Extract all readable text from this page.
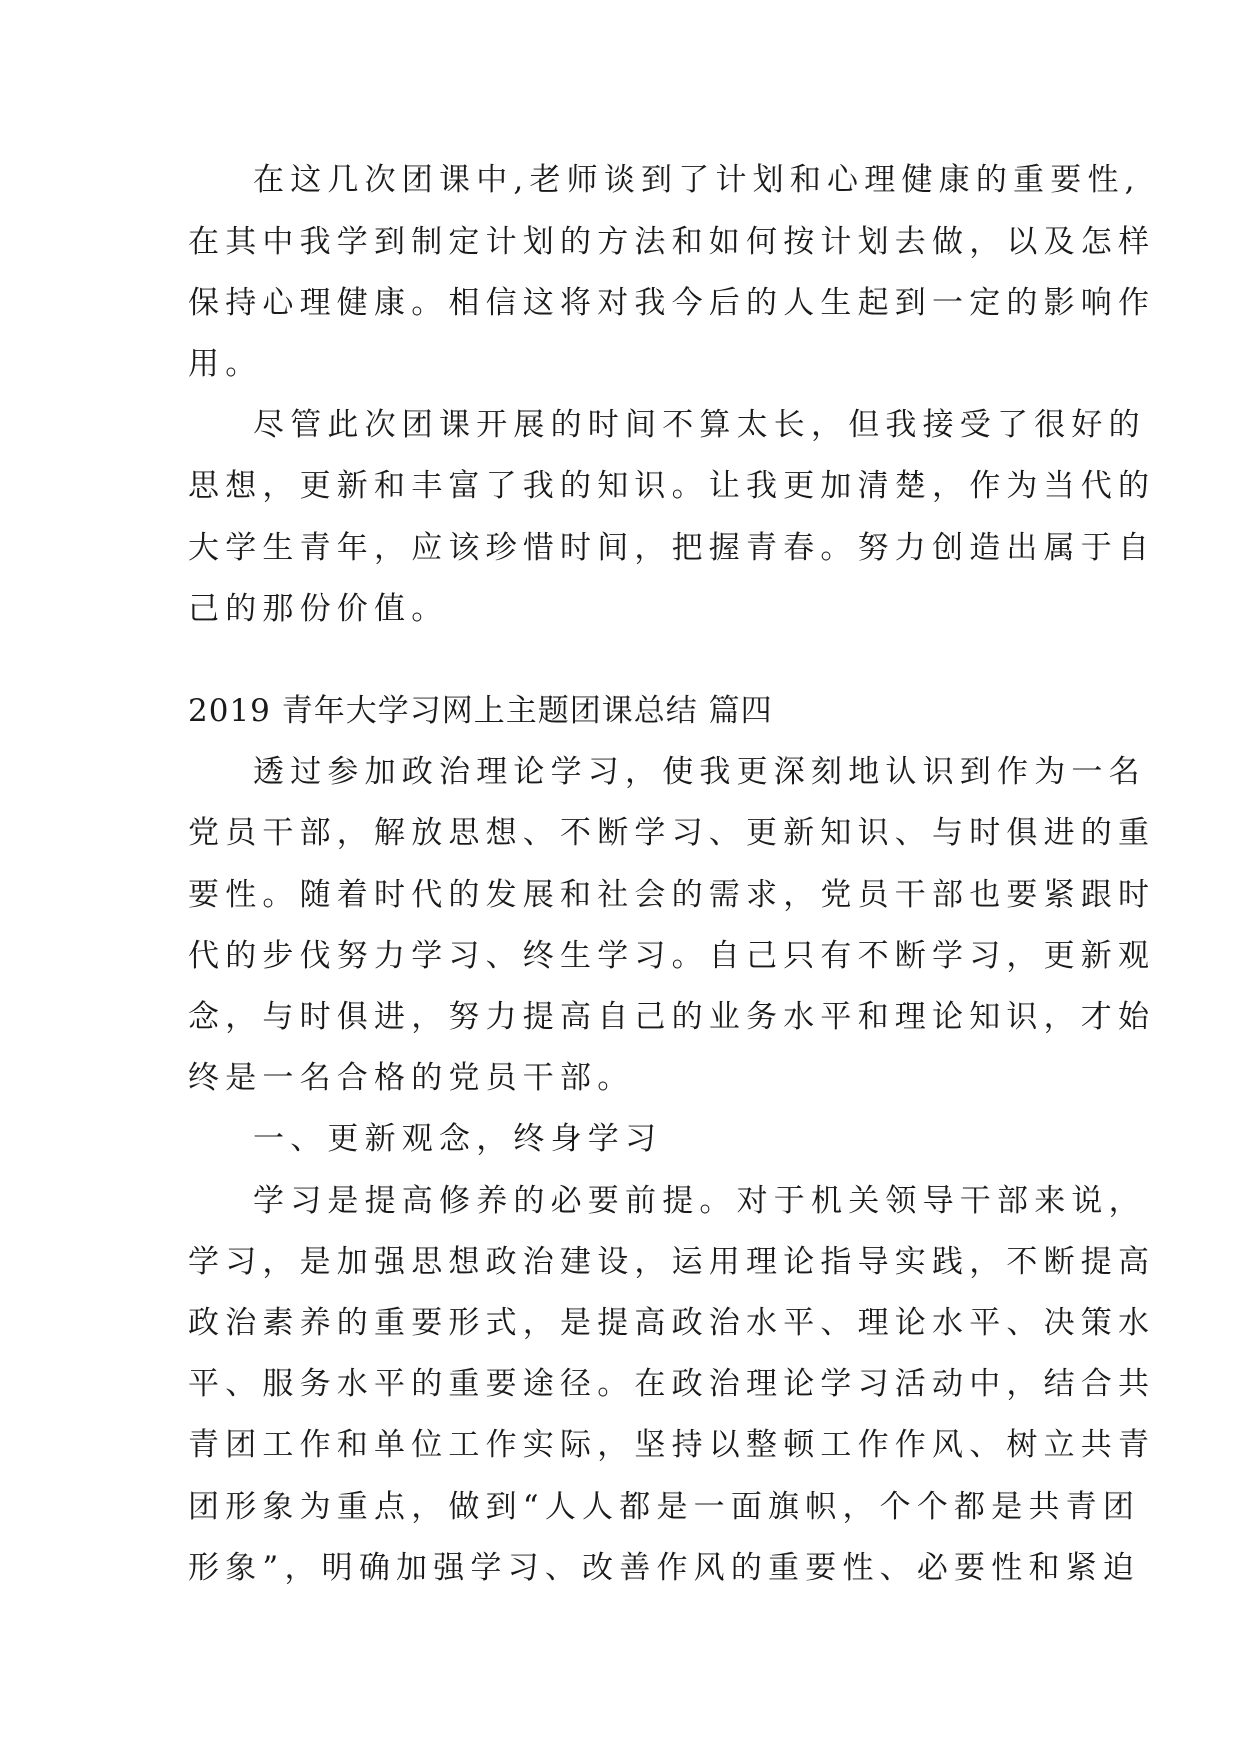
在这几次团课中,老师谈到了计划和心理健康的重要性,
在其中我学到制定计划的方法和如何按计划去做，以及怎样
保持心理健康。相信这将对我今后的人生起到一定的影响作
用。
尽管此次团课开展的时间不算太长，但我接受了很好的
思想，更新和丰富了我的知识。让我更加清楚，作为当代的
大学生青年，应该珍惜时间，把握青春。努力创造出属于自
己的那份价值。
2019 青年大学习网上主题团课总结 篇四
透过参加政治理论学习，使我更深刻地认识到作为一名
党员干部，解放思想、不断学习、更新知识、与时俱进的重
要性。随着时代的发展和社会的需求，党员干部也要紧跟时
代的步伐努力学习、终生学习。自己只有不断学习，更新观
念，与时俱进，努力提高自己的业务水平和理论知识，才始
终是一名合格的党员干部。
一、更新观念，终身学习
学习是提高修养的必要前提。对于机关领导干部来说，
学习，是加强思想政治建设，运用理论指导实践，不断提高
政治素养的重要形式，是提高政治水平、理论水平、决策水
平、服务水平的重要途径。在政治理论学习活动中，结合共
青团工作和单位工作实际，坚持以整顿工作作风、树立共青
团形象为重点，做到“人人都是一面旗帜，个个都是共青团
形象”，明确加强学习、改善作风的重要性、必要性和紧迫
